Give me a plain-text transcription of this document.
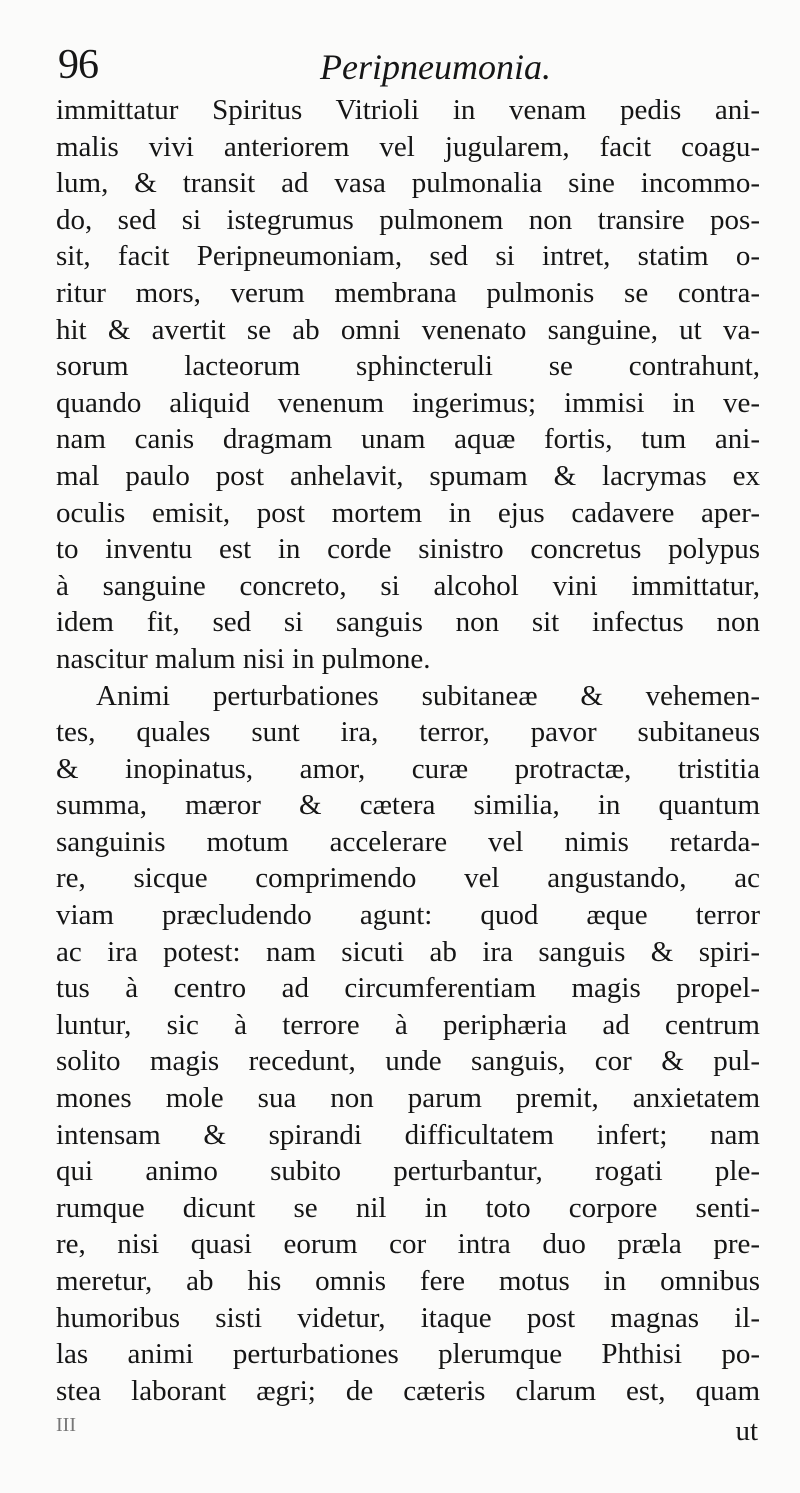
96	Peripneumonia.
immittatur Spiritus Vitrioli in venam pedis ani-
malis vivi anteriorem vel jugularem, facit coagu-
lum, & transit ad vasa pulmonalia sine incommo-
do, sed si istegrumus pulmonem non transire pos-
sit, facit Peripneumoniam, sed si intret, statim o-
ritur mors, verum membrana pulmonis se contra-
hit & avertit se ab omni venenato sanguine, ut va-
sorum lacteorum sphincteruli se contrahunt,
quando aliquid venenum ingerimus; immisi in ve-
nam canis dragmam unam aquæ fortis, tum ani-
mal paulo post anhelavit, spumam & lacrymas ex
oculis emisit, post mortem in ejus cadavere aper-
to inventu est in corde sinistro concretus polypus
à sanguine concreto, si alcohol vini immittatur,
idem fit, sed si sanguis non sit infectus non
nascitur malum nisi in pulmone.
Animi perturbationes subitaneæ & vehemen-
tes, quales sunt ira, terror, pavor subitaneus
& inopinatus, amor, curæ protractæ, tristitia
summa, mæror & cætera similia, in quantum
sanguinis motum accelerare vel nimis retarda-
re, sicque comprimendo vel angustando, ac
viam præcludendo agunt: quod æque terror
ac ira potest: nam sicuti ab ira sanguis & spiri-
tus à centro ad circumferentiam magis propel-
luntur, sic à terrore à periphæria ad centrum
solito magis recedunt, unde sanguis, cor & pul-
mones mole sua non parum premit, anxietatem
intensam & spirandi difficultatem infert; nam
qui animo subito perturbantur, rogati ple-
rumque dicunt se nil in toto corpore senti-
re, nisi quasi eorum cor intra duo præla pre-
meretur, ab his omnis fere motus in omnibus
humoribus sisti videtur, itaque post magnas il-
las animi perturbationes plerumque Phthisi po-
stea laborant ægri; de cæteris clarum est, quam
III	ut
